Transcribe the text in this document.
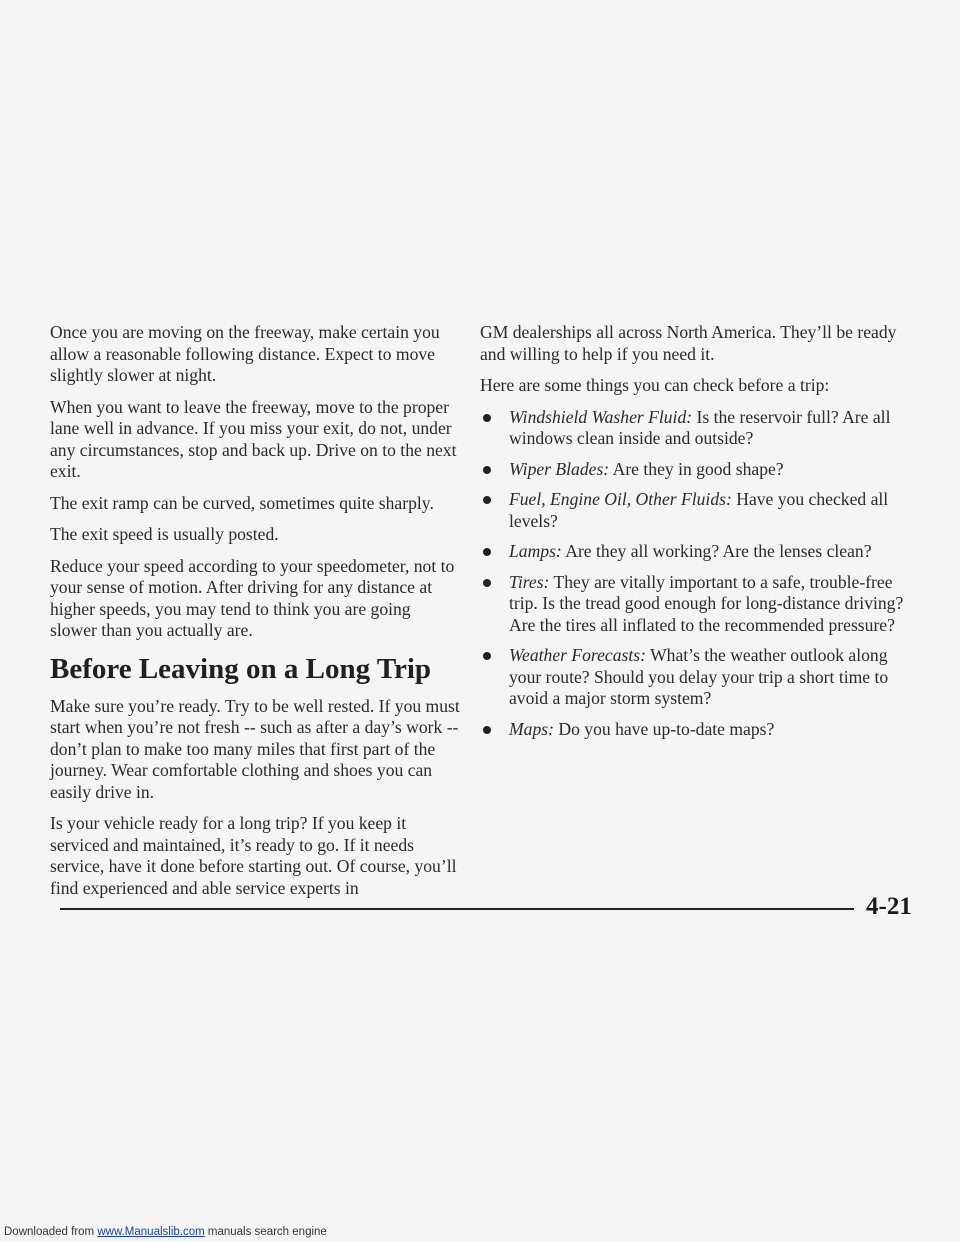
Once you are moving on the freeway, make certain you allow a reasonable following distance. Expect to move slightly slower at night.

When you want to leave the freeway, move to the proper lane well in advance. If you miss your exit, do not, under any circumstances, stop and back up. Drive on to the next exit.

The exit ramp can be curved, sometimes quite sharply.

The exit speed is usually posted.

Reduce your speed according to your speedometer, not to your sense of motion. After driving for any distance at higher speeds, you may tend to think you are going slower than you actually are.

Before Leaving on a Long Trip

Make sure you’re ready. Try to be well rested. If you must start when you’re not fresh -- such as after a day’s work -- don’t plan to make too many miles that first part of the journey. Wear comfortable clothing and shoes you can easily drive in.

Is your vehicle ready for a long trip? If you keep it serviced and maintained, it’s ready to go. If it needs service, have it done before starting out. Of course, you’ll find experienced and able service experts in

GM dealerships all across North America. They’ll be ready and willing to help if you need it.

Here are some things you can check before a trip:

Windshield Washer Fluid: Is the reservoir full? Are all windows clean inside and outside?
Wiper Blades: Are they in good shape?
Fuel, Engine Oil, Other Fluids: Have you checked all levels?
Lamps: Are they all working? Are the lenses clean?
Tires: They are vitally important to a safe, trouble-free trip. Is the tread good enough for long-distance driving? Are the tires all inflated to the recommended pressure?
Weather Forecasts: What’s the weather outlook along your route? Should you delay your trip a short time to avoid a major storm system?
Maps: Do you have up-to-date maps?
4-21
Downloaded from www.Manualslib.com manuals search engine
